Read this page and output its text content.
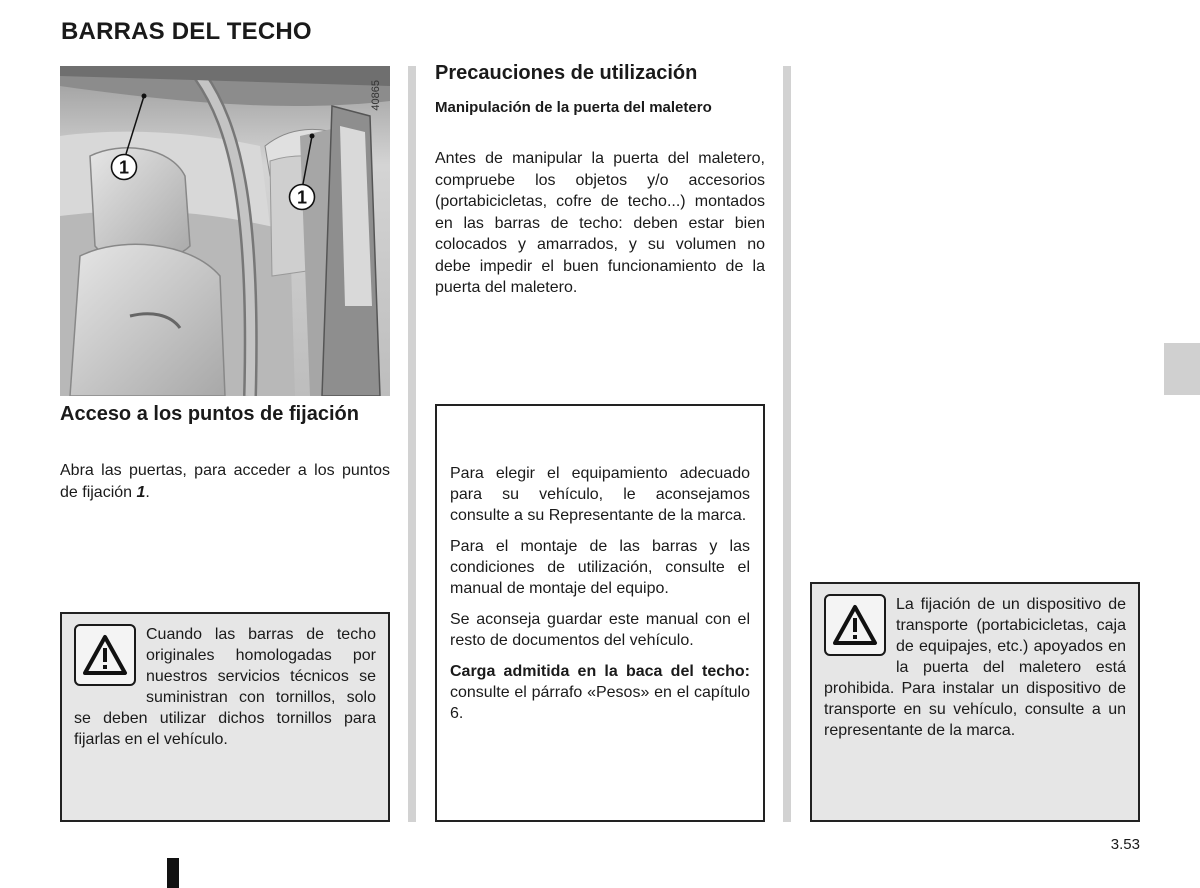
BARRAS DEL TECHO
1
1
40865
Acceso a los puntos de fijación

Abra las puertas, para acceder a los puntos de fijación 1.

Cuando las barras de techo originales homologadas por nuestros servicios técnicos se suministran con tornillos, solo se deben utilizar dichos tornillos para fijarlas en el vehículo.

Precauciones de utilización

Manipulación de la puerta del maletero

Antes de manipular la puerta del maletero, compruebe los objetos y/o accesorios (portabicicletas, cofre de techo...) montados en las barras de techo: deben estar bien colocados y amarrados, y su volumen no debe impedir el buen funcionamiento de la puerta del maletero.

Para elegir el equipamiento adecuado para su vehículo, le aconsejamos consulte a su Representante de la marca.

Para el montaje de las barras y las condiciones de utilización, consulte el manual de montaje del equipo.

Se aconseja guardar este manual con el resto de documentos del vehículo.

Carga admitida en la baca del techo: consulte el párrafo «Pesos» en el capítulo 6.

La fijación de un dispositivo de transporte (portabicicletas, caja de equipajes, etc.) apoyados en la puerta del maletero está prohibida. Para instalar un dispositivo de transporte en su vehículo, consulte a un representante de la marca.

3.53
